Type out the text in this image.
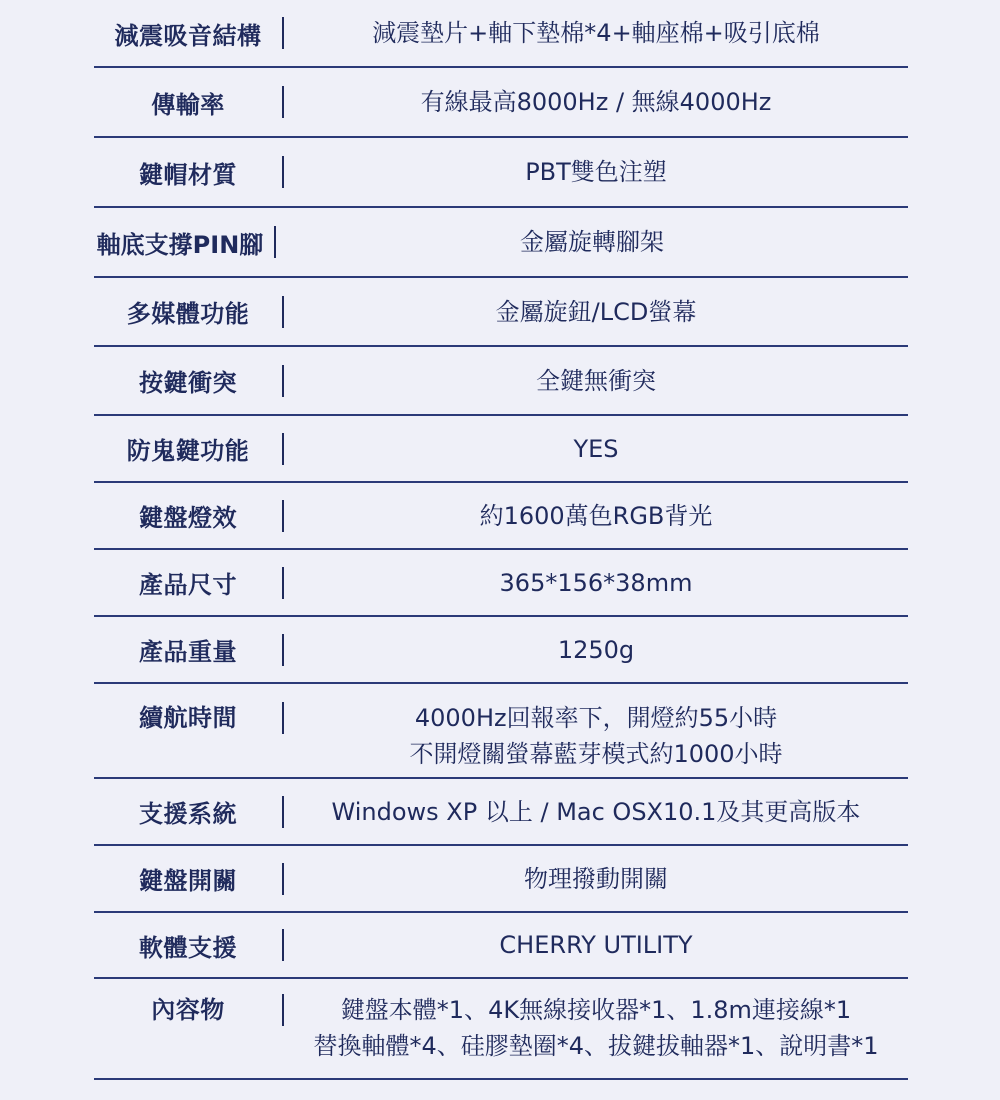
減震吸音結構	減震墊片+軸下墊棉*4+軸座棉+吸引底棉
傳輸率	有線最高8000Hz / 無線4000Hz
鍵帽材質	PBT雙色注塑
軸底支撐PIN腳	金屬旋轉腳架
多媒體功能	金屬旋鈕/LCD螢幕
按鍵衝突	全鍵無衝突
防鬼鍵功能	YES
鍵盤燈效	約1600萬色RGB背光
產品尺寸	365*156*38mm
產品重量	1250g
續航時間	4000Hz回報率下，開燈約55小時
不開燈關螢幕藍芽模式約1000小時
支援系統	Windows XP 以上 / Mac OSX10.1及其更高版本
鍵盤開關	物理撥動開關
軟體支援	CHERRY UTILITY
內容物	鍵盤本體*1、4K無線接收器*1、1.8m連接線*1
替換軸體*4、硅膠墊圈*4、拔鍵拔軸器*1、說明書*1
